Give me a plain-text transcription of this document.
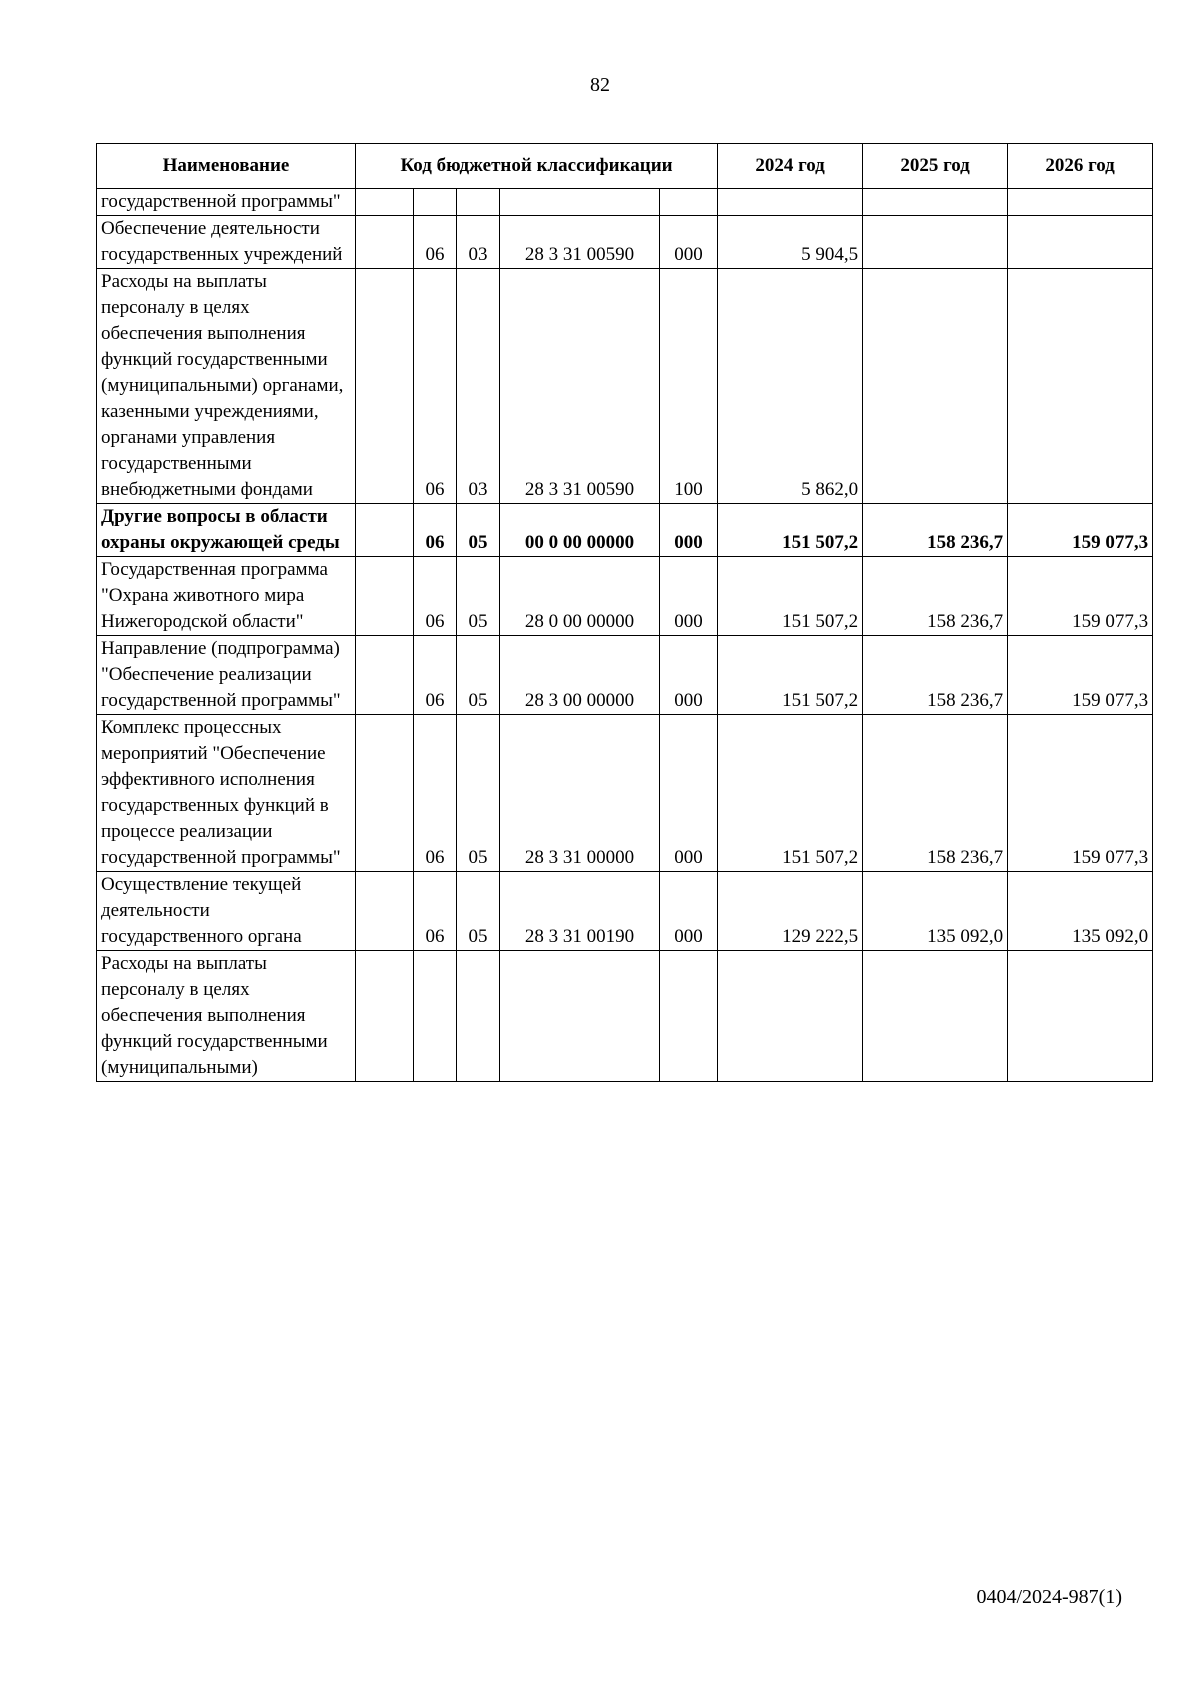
82
Наименование	Код бюджетной классификации					2024 год	2025 год	2026 год
государственной программы"								
Обеспечение деятельности государственных учреждений		06	03	28 3 31 00590	000	5 904,5		
Расходы на выплаты персоналу в целях обеспечения выполнения функций государственными (муниципальными) органами, казенными учреждениями, органами управления государственными внебюджетными фондами		06	03	28 3 31 00590	100	5 862,0		
Другие вопросы в области охраны окружающей среды		06	05	00 0 00 00000	000	151 507,2	158 236,7	159 077,3
Государственная программа "Охрана животного мира Нижегородской области"		06	05	28 0 00 00000	000	151 507,2	158 236,7	159 077,3
Направление (подпрограмма) "Обеспечение реализации государственной программы"		06	05	28 3 00 00000	000	151 507,2	158 236,7	159 077,3
Комплекс процессных мероприятий "Обеспечение эффективного исполнения государственных функций в процессе реализации государственной программы"		06	05	28 3 31 00000	000	151 507,2	158 236,7	159 077,3
Осуществление текущей деятельности государственного органа		06	05	28 3 31 00190	000	129 222,5	135 092,0	135 092,0
Расходы на выплаты персоналу в целях обеспечения выполнения функций государственными (муниципальными)								
0404/2024-987(1)
